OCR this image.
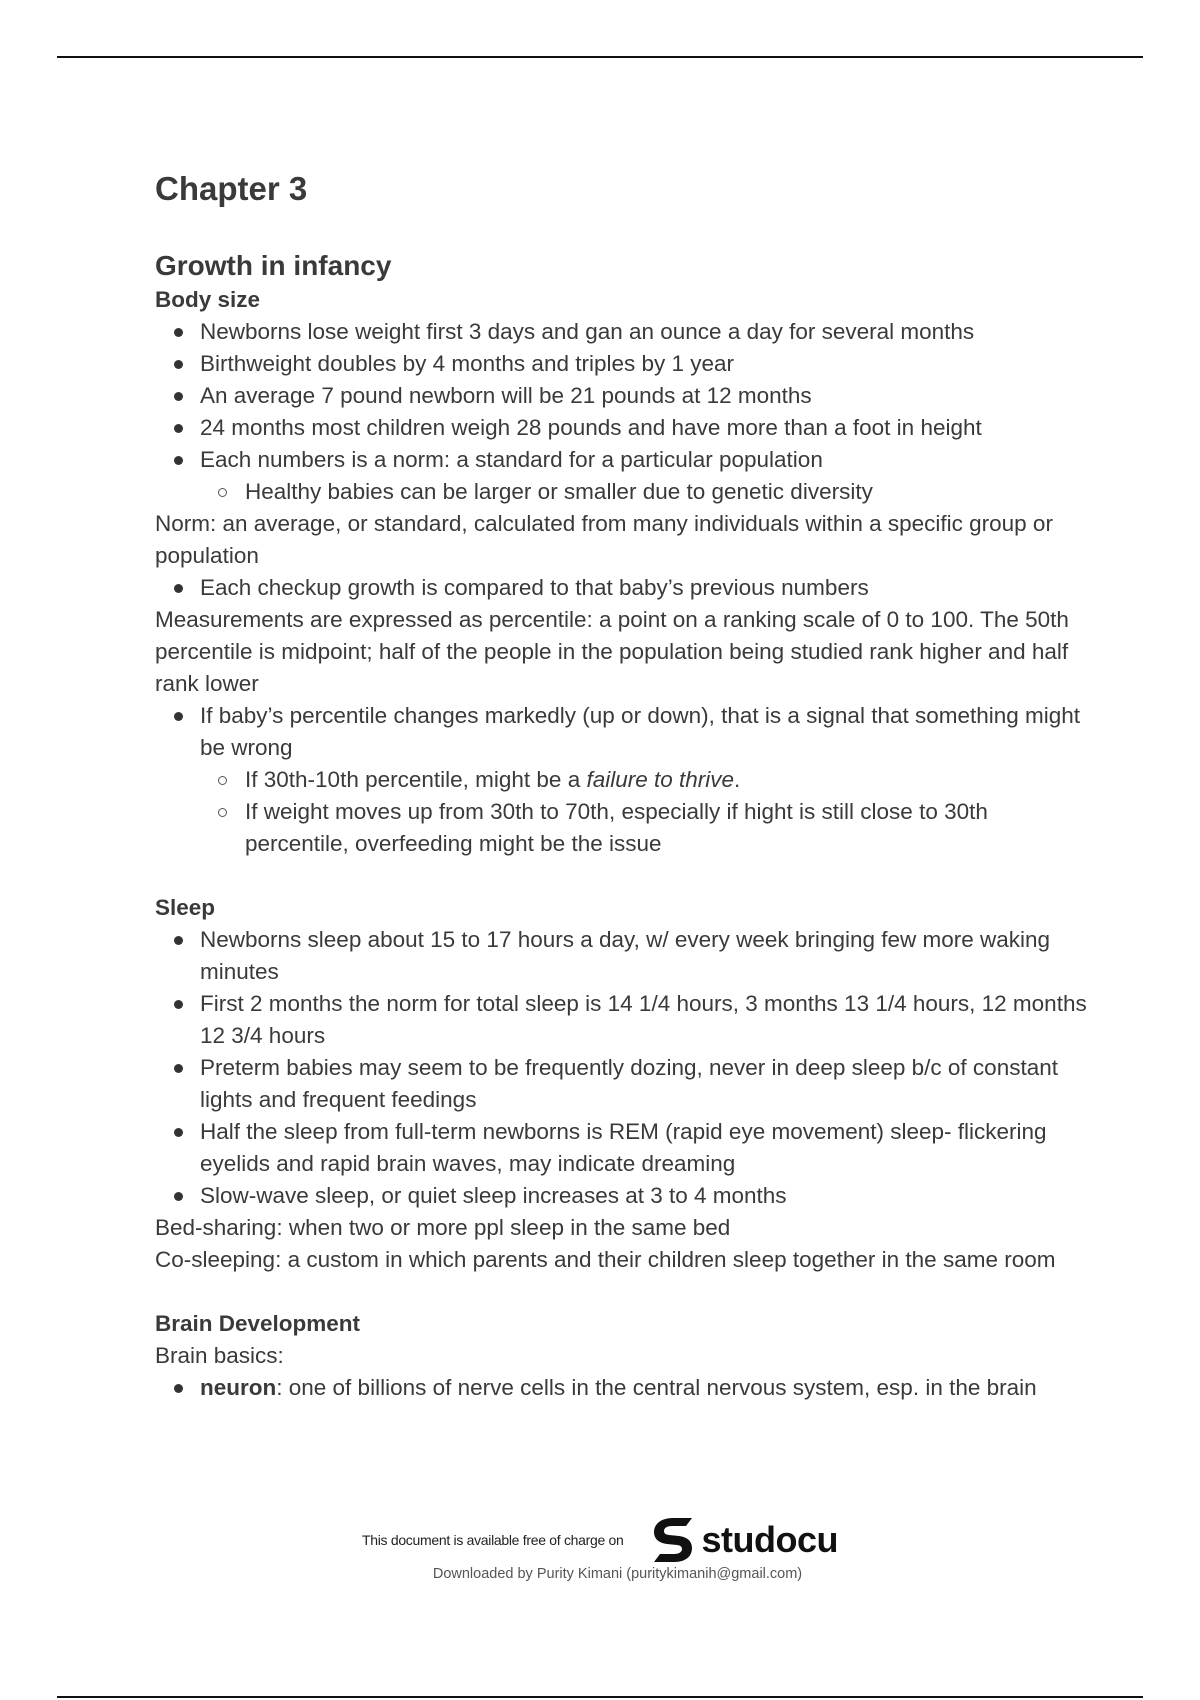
Chapter 3

Growth in infancy

Body size

Newborns lose weight first 3 days and gan an ounce a day for several months
Birthweight doubles by 4 months and triples by 1 year
An average 7 pound newborn will be 21 pounds at 12 months
24 months most children weigh 28 pounds and have more than a foot in height
Each numbers is a norm: a standard for a particular population
Healthy babies can be larger or smaller due to genetic diversity

Norm: an average, or standard, calculated from many individuals within a specific group or population

Each checkup growth is compared to that baby’s previous numbers

Measurements are expressed as percentile: a point on a ranking scale of 0 to 100. The 50th percentile is midpoint; half of the people in the population being studied rank higher and half rank lower

If baby’s percentile changes markedly (up or down), that is a signal that something might be wrong
If 30th-10th percentile, might be a failure to thrive.
If weight moves up from 30th to 70th, especially if hight is still close to 30th percentile, overfeeding might be the issue

Sleep

Newborns sleep about 15 to 17 hours a day, w/ every week bringing few more waking minutes
First 2 months the norm for total sleep is 14 1/4 hours, 3 months 13 1/4 hours, 12 months 12 3/4 hours
Preterm babies may seem to be frequently dozing, never in deep sleep b/c of constant lights and frequent feedings
Half the sleep from full-term newborns is REM (rapid eye movement) sleep- flickering eyelids and rapid brain waves, may indicate dreaming
Slow-wave sleep, or quiet sleep increases at 3 to 4 months

Bed-sharing: when two or more ppl sleep in the same bed

Co-sleeping: a custom in which parents and their children sleep together in the same room

Brain Development

Brain basics:

neuron: one of billions of nerve cells in the central nervous system, esp. in the brain
This document is available free of charge on studocu
Downloaded by Purity Kimani (puritykimanih@gmail.com)
